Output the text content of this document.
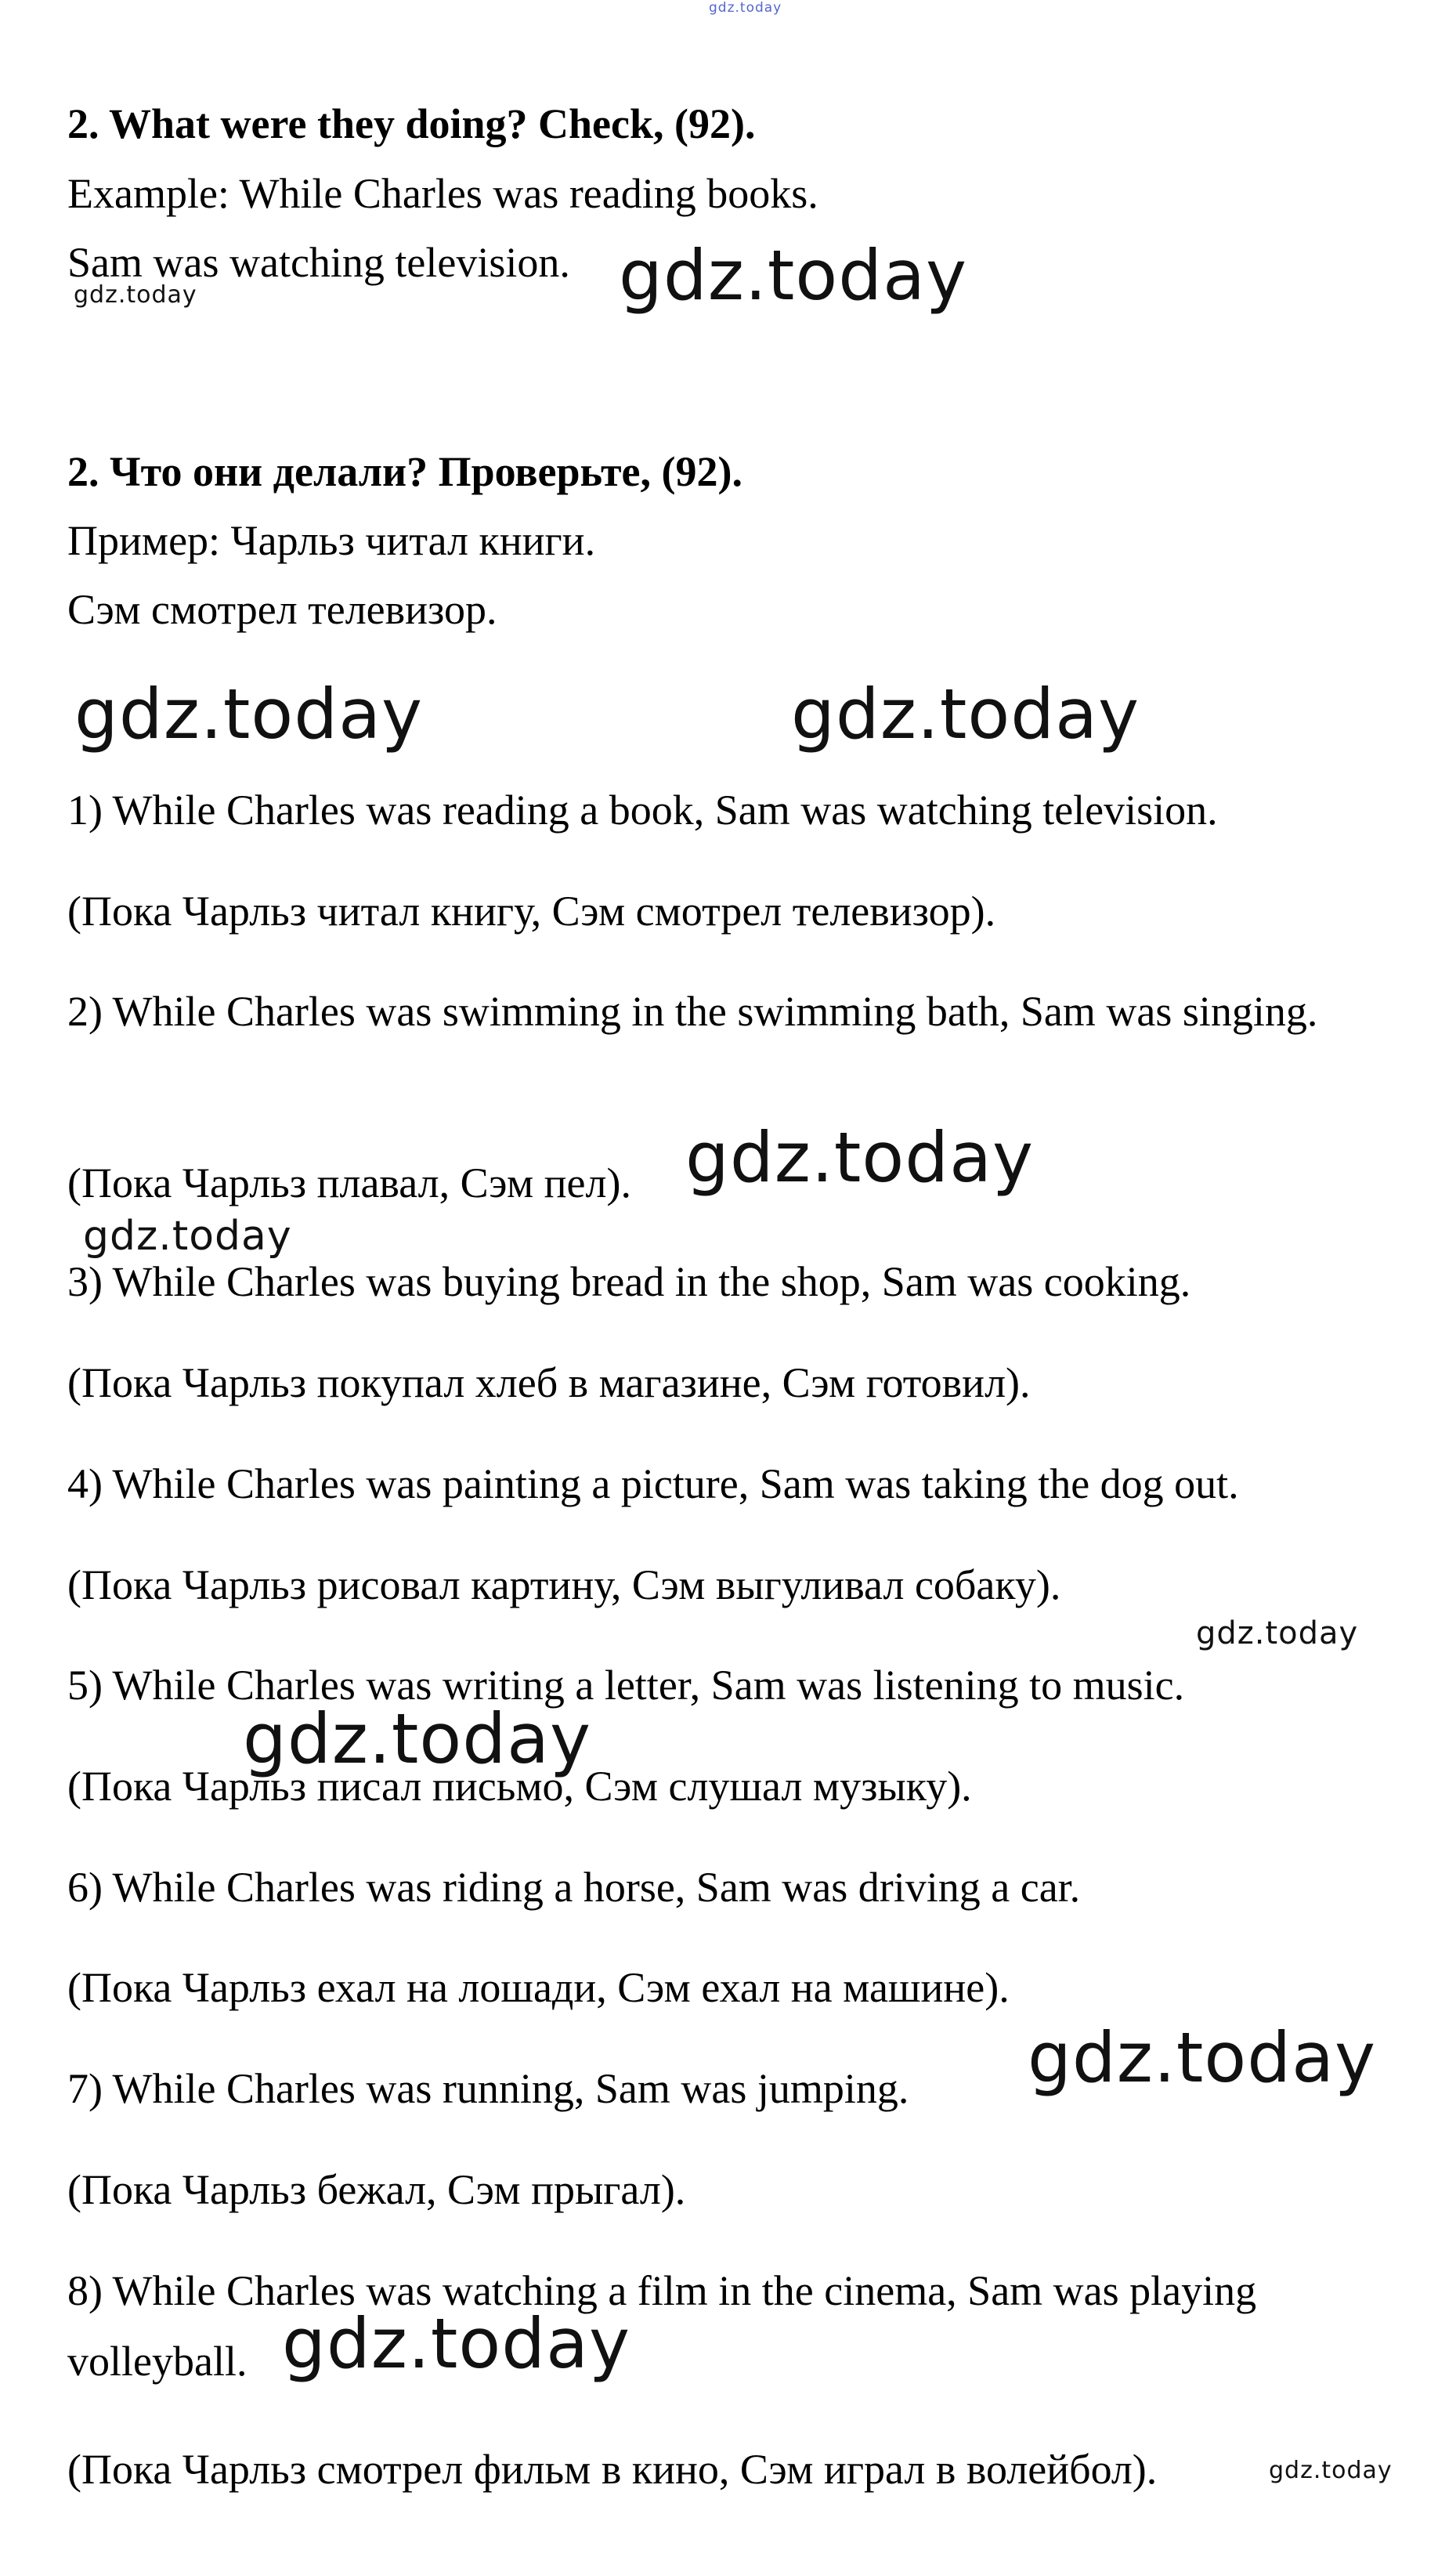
gdz.today

2. What were they doing? Check, (92).

Example: While Charles was reading books.

Sam was watching television. gdz.today
gdz.today

2. Что они делали? Проверьте, (92).

Пример: Чарльз читал книги.

Сэм смотрел телевизор.

gdz.today	gdz.today

1) While Charles was reading a book, Sam was watching television.

(Пока Чарльз читал книгу, Сэм смотрел телевизор).

2) While Charles was swimming in the swimming bath, Sam was singing.

(Пока Чарльз плавал, Сэм пел). gdz.today
gdz.today

3) While Charles was buying bread in the shop, Sam was cooking.

(Пока Чарльз покупал хлеб в магазине, Сэм готовил).

4) While Charles was painting a picture, Sam was taking the dog out.

(Пока Чарльз рисовал картину, Сэм выгуливал собаку).

gdz.today

5) While Charles was writing a letter, Sam was listening to music.

gdz.today

(Пока Чарльз писал письмо, Сэм слушал музыку).

6) While Charles was riding a horse, Sam was driving a car.

(Пока Чарльз ехал на лошади, Сэм ехал на машине).

gdz.today

7) While Charles was running, Sam was jumping.

(Пока Чарльз бежал, Сэм прыгал).

8) While Charles was watching a film in the cinema, Sam was playing volleyball. gdz.today

(Пока Чарльз смотрел фильм в кино, Сэм играл в волейбол).	gdz.today
